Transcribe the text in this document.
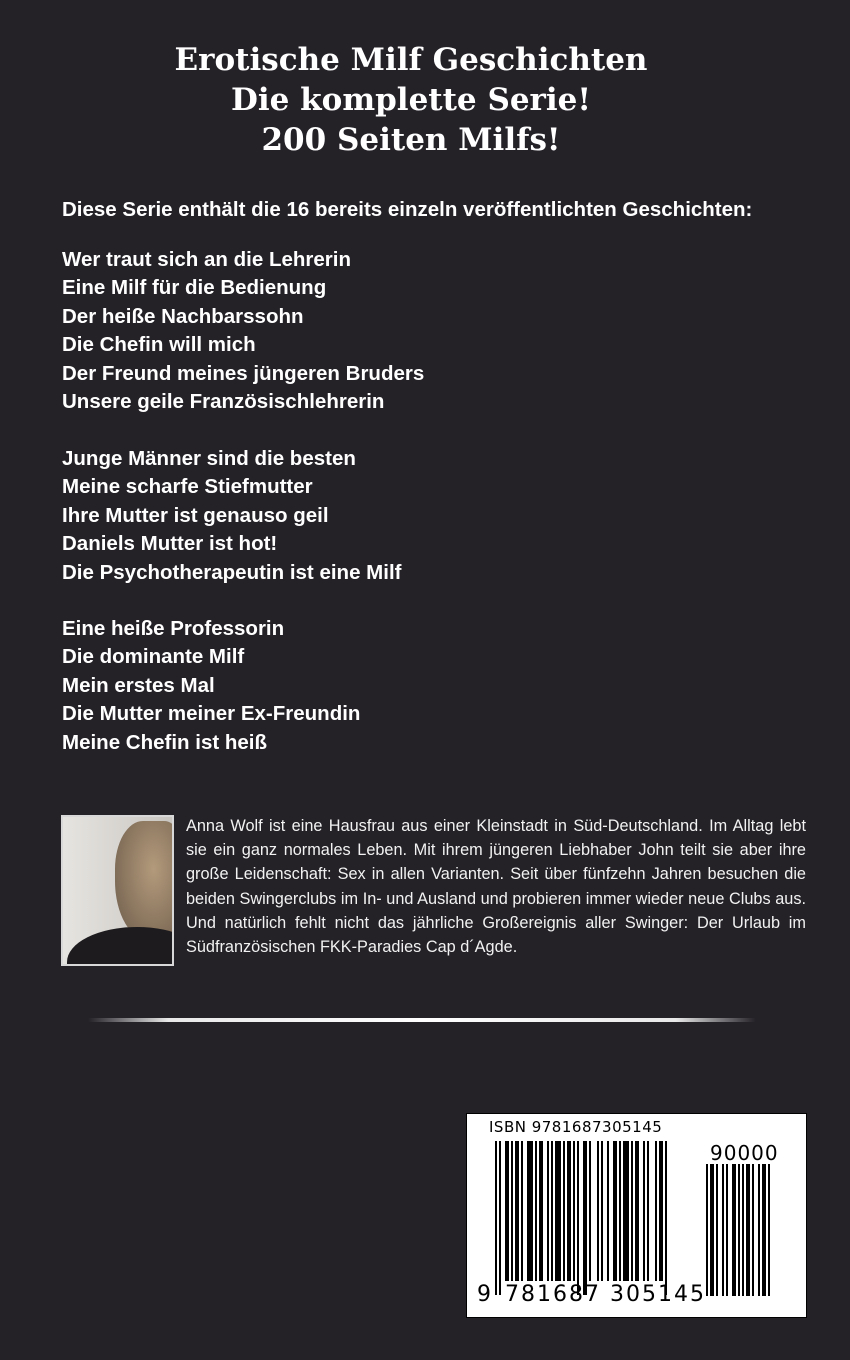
Erotische Milf Geschichten
Die komplette Serie!
200 Seiten Milfs!
Diese Serie enthält die 16 bereits einzeln veröffentlichten Geschichten:
Wer traut sich an die Lehrerin
Eine Milf für die Bedienung
Der heiße Nachbarssohn
Die Chefin will mich
Der Freund meines jüngeren Bruders
Unsere geile Französischlehrerin
Junge Männer sind die besten
Meine scharfe Stiefmutter
Ihre Mutter ist genauso geil
Daniels Mutter ist hot!
Die Psychotherapeutin ist eine Milf
Eine heiße Professorin
Die dominante Milf
Mein erstes Mal
Die Mutter meiner Ex-Freundin
Meine Chefin ist heiß
Anna Wolf ist eine Hausfrau aus einer Kleinstadt in Süd-Deutschland. Im Alltag lebt sie ein ganz normales Leben. Mit ihrem jüngeren Liebhaber John teilt sie aber ihre große Leidenschaft: Sex in allen Varianten. Seit über fünfzehn Jahren besuchen die beiden Swingerclubs im In- und Ausland und probieren immer wieder neue Clubs aus. Und natürlich fehlt nicht das jährliche Großereignis aller Swinger: Der Urlaub im Südfranzösischen FKK-Paradies Cap d´Agde.
ISBN 9781687305145
90000
9 781687 305145
